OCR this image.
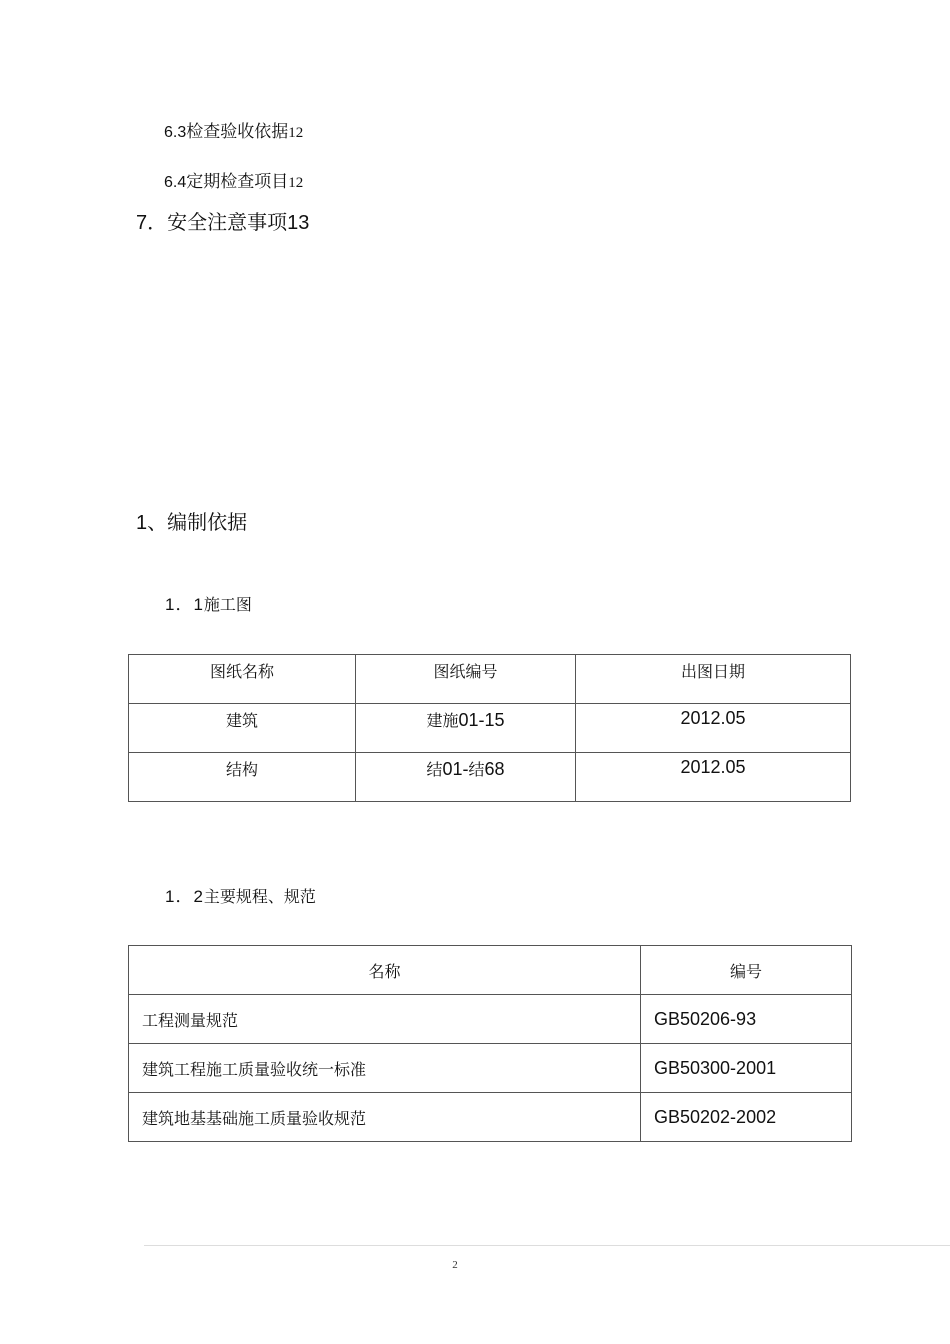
6.3检查验收依据12
6.4定期检查项目12
7．安全注意事项13
1、编制依据
1．1施工图
图纸名称	图纸编号	出图日期
建筑	建施01-15	2012.05
结构	结01-结68	2012.05
1．2主要规程、规范
名称	编号
工程测量规范	GB50206-93
建筑工程施工质量验收统一标准	GB50300-2001
建筑地基基础施工质量验收规范	GB50202-2002
2
